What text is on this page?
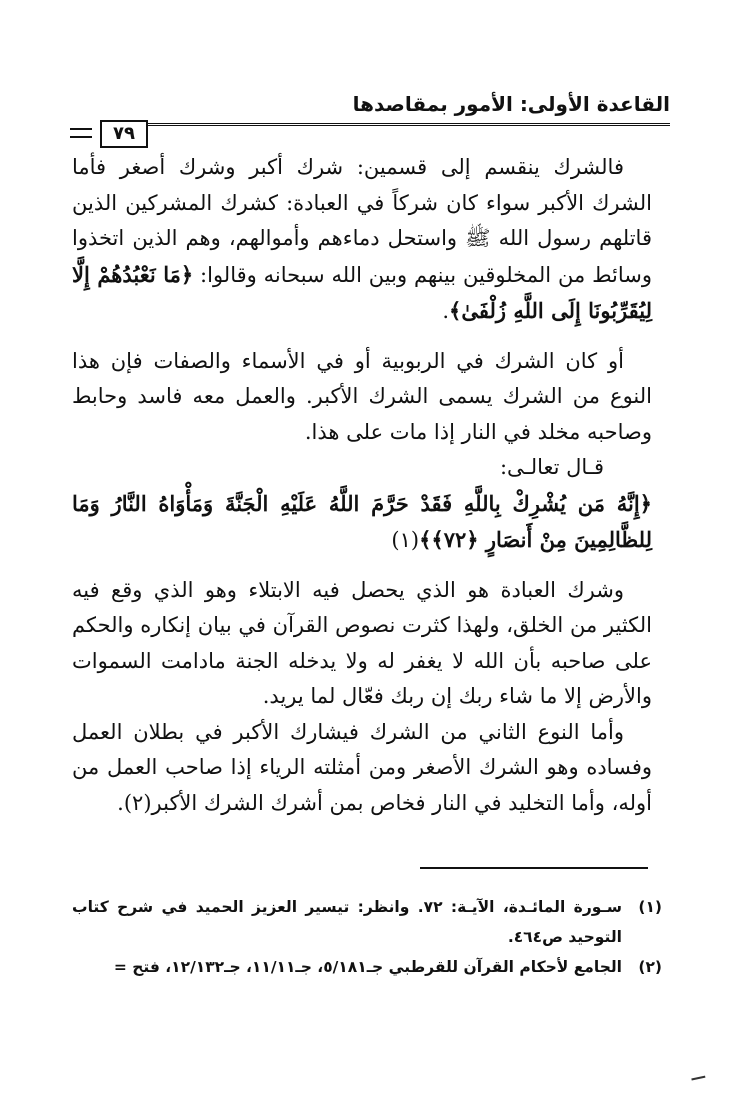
القاعدة الأولى: الأمور بمقاصدها
٧٩

فالشرك ينقسم إلى قسمين: شرك أكبر وشرك أصغر فأما الشرك الأكبر سواء كان شركاً في العبادة: كشرك المشركين الذين قاتلهم رسول الله ﷺ واستحل دماءهم وأموالهم، وهم الذين اتخذوا وسائط من المخلوقين بينهم وبين الله سبحانه وقالوا: ﴿مَا نَعْبُدُهُمْ إِلَّا لِيُقَرِّبُونَا إِلَى اللَّهِ زُلْفَىٰ﴾.

أو كان الشرك في الربوبية أو في الأسماء والصفات فإن هذا النوع من الشرك يسمى الشرك الأكبر. والعمل معه فاسد وحابط وصاحبه مخلد في النار إذا مات على هذا.

قـال تعالـى:

﴿إِنَّهُ مَن يُشْرِكْ بِاللَّهِ فَقَدْ حَرَّمَ اللَّهُ عَلَيْهِ الْجَنَّةَ وَمَأْوَاهُ النَّارُ وَمَا لِلظَّالِمِينَ مِنْ أَنصَارٍ ﴿٧٢﴾﴾(١)

وشرك العبادة هو الذي يحصل فيه الابتلاء وهو الذي وقع فيه الكثير من الخلق، ولهذا كثرت نصوص القرآن في بيان إنكاره والحكم على صاحبه بأن الله لا يغفر له ولا يدخله الجنة مادامت السموات والأرض إلا ما شاء ربك إن ربك فعّال لما يريد.

وأما النوع الثاني من الشرك فيشارك الأكبر في بطلان العمل وفساده وهو الشرك الأصغر ومن أمثلته الرياء إذا صاحب العمل من أوله، وأما التخليد في النار فخاص بمن أشرك الشرك الأكبر(٢).

(١)
سـورة المائـدة، الآيـة: ٧٢. وانظر: تيسير العزيز الحميد في شرح كتاب التوحيد ص٤٦٤.
(٢)
الجامع لأحكام القرآن للقرطبي جـ٥/١٨١، جـ١١/١١، جـ١٢/١٣٢، فتح =
